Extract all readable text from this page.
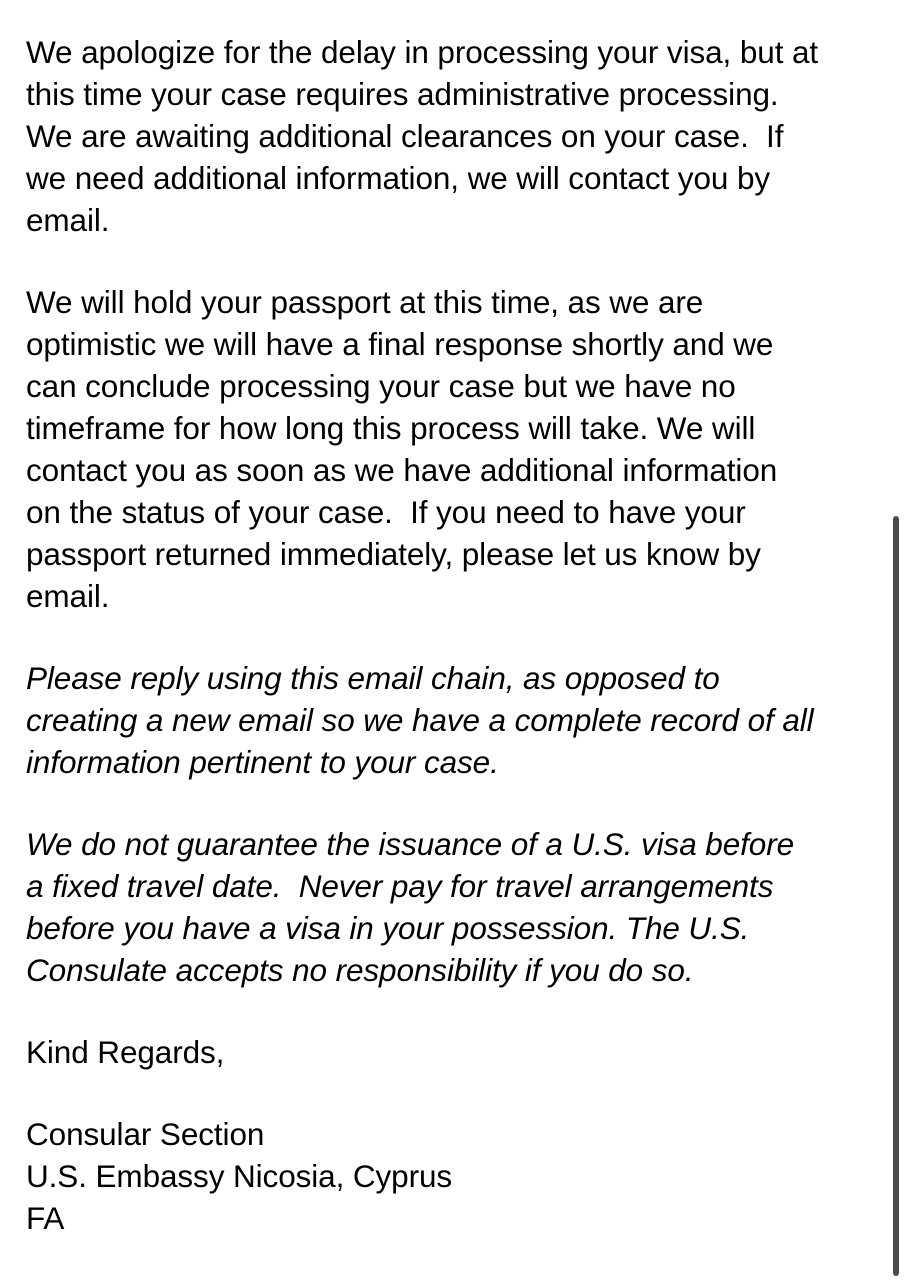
We apologize for the delay in processing your visa, but at
this time your case requires administrative processing.
We are awaiting additional clearances on your case.  If
we need additional information, we will contact you by
email.
We will hold your passport at this time, as we are
optimistic we will have a final response shortly and we
can conclude processing your case but we have no
timeframe for how long this process will take. We will
contact you as soon as we have additional information
on the status of your case.  If you need to have your
passport returned immediately, please let us know by
email.
Please reply using this email chain, as opposed to
creating a new email so we have a complete record of all
information pertinent to your case.
We do not guarantee the issuance of a U.S. visa before
a fixed travel date.  Never pay for travel arrangements
before you have a visa in your possession. The U.S.
Consulate accepts no responsibility if you do so.
Kind Regards,
Consular Section
U.S. Embassy Nicosia, Cyprus
FA
